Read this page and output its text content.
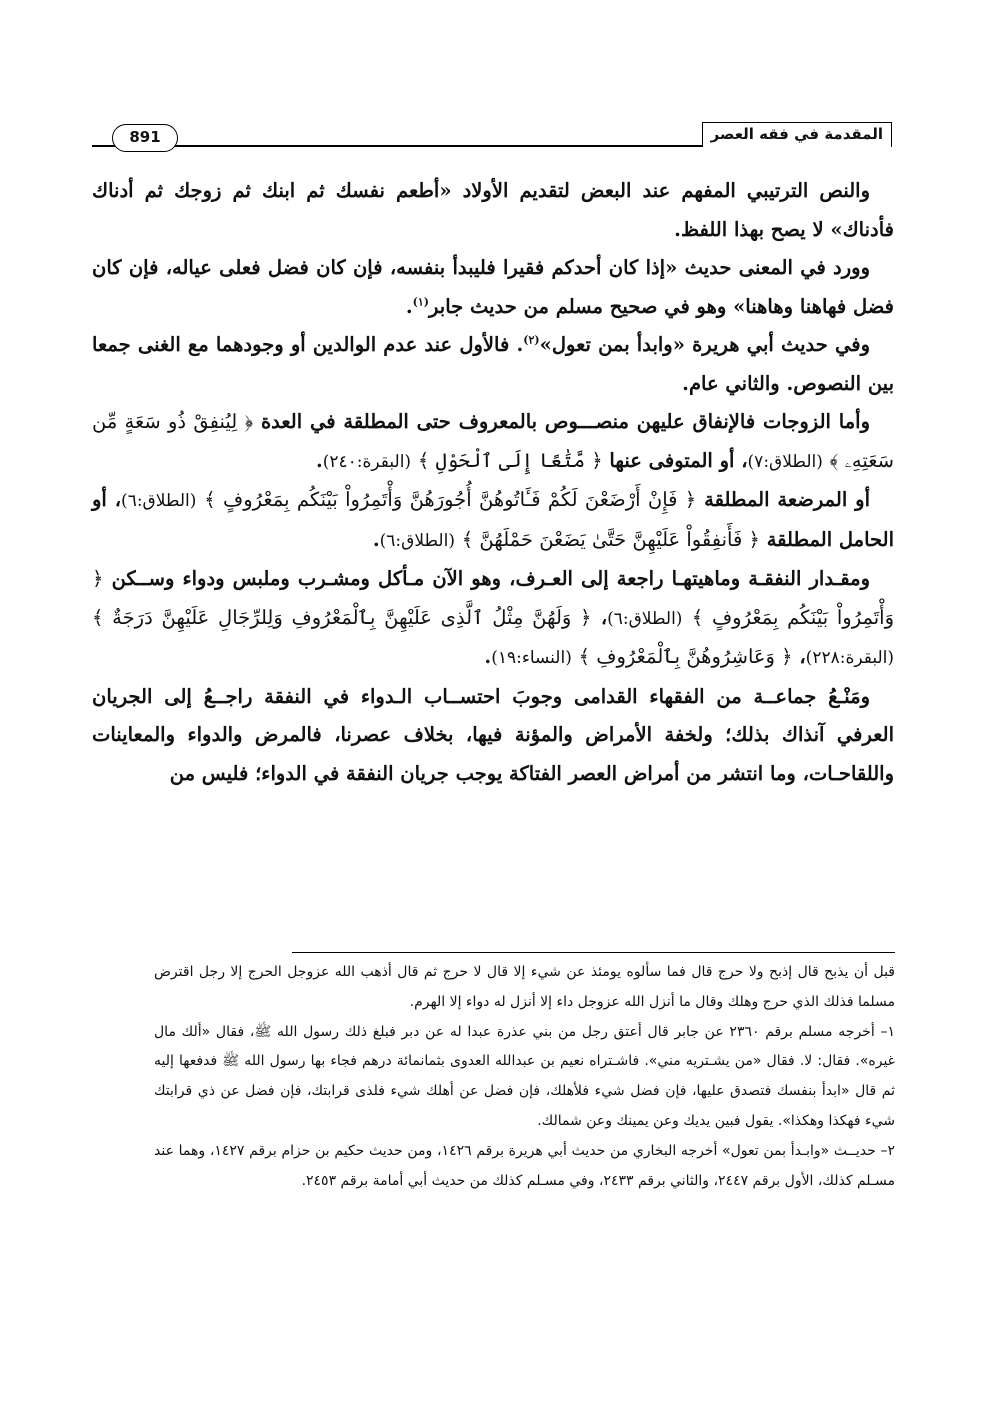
المقدمة في فقه العصر
891

والنص الترتيبي المفهم عند البعض لتقديم الأولاد «أطعم نفسك ثم ابنك ثم زوجك ثم أدناك فأدناك» لا يصح بهذا اللفظ.

وورد في المعنى حديث «إذا كان أحدكم فقيرا فليبدأ بنفسه، فإن كان فضل فعلى عياله، فإن كان فضل فهاهنا وهاهنا» وهو في صحيح مسلم من حديث جابر$^{(١)}$.

وفي حديث أبي هريرة «وابدأ بمن تعول»$^{(٢)}$. فالأول عند عدم الوالدين أو وجودهما مع الغنى جمعا بين النصوص. والثاني عام.

وأما الزوجات فالإنفاق عليهن منصـــوص بالمعروف حتى المطلقة في العدة ﴿ لِيُنفِقْ ذُو سَعَةٍ مِّن سَعَتِهِۦ ﴾ (الطلاق:٧)، أو المتوفى عنها ﴿ مَّتَٰعًا إِلَى ٱلْحَوْلِ ﴾ (البقرة:٢٤٠).

أو المرضعة المطلقة ﴿ فَإِنْ أَرْضَعْنَ لَكُمْ فَـَٔاتُوهُنَّ أُجُورَهُنَّ وَأْتَمِرُواْ بَيْنَكُم بِمَعْرُوفٍ ﴾ (الطلاق:٦)، أو الحامل المطلقة ﴿ فَأَنفِقُواْ عَلَيْهِنَّ حَتَّىٰ يَضَعْنَ حَمْلَهُنَّ ﴾ (الطلاق:٦).

ومقـدار النفقـة وماهيتهـا راجعة إلى العـرف، وهو الآن مـأكل ومشـرب وملبس ودواء وســكن ﴿ وَأْتَمِرُواْ بَيْنَكُم بِمَعْرُوفٍ ﴾ (الطلاق:٦)، ﴿ وَلَهُنَّ مِثْلُ ٱلَّذِى عَلَيْهِنَّ بِٱلْمَعْرُوفِ وَلِلرِّجَالِ عَلَيْهِنَّ دَرَجَةٌ ﴾ (البقرة:٢٢٨)، ﴿ وَعَاشِرُوهُنَّ بِٱلْمَعْرُوفِ ﴾ (النساء:١٩).

ومَنْـعُ جماعــة من الفقهاء القدامى وجوبَ احتســاب الـدواء في النفقة راجــعُ إلى الجريان العرفي آنذاك بذلك؛ ولخفة الأمراض والمؤنة فيها، بخلاف عصرنا، فالمرض والدواء والمعاينات واللقاحـات، وما انتشر من أمراض العصر الفتاكة يوجب جريان النفقة في الدواء؛ فليس من

قبل أن يذبح قال إذبح ولا حرج قال فما سألوه يومئذ عن شيء إلا قال لا حرج ثم قال أذهب الله عزوجل الحرج إلا رجل اقترض مسلما فذلك الذي حرج وهلك وقال ما أنزل الله عزوجل داء إلا أنزل له دواء إلا الهرم.

١– أخرجه مسلم برقم ٢٣٦٠ عن جابر قال أعتق رجل من بني عذرة عبدا له عن دبر فبلغ ذلك رسول الله ﷺ، فقال «ألك مال غيره». فقال: لا. فقال «من يشـتريه مني». فاشـتراه نعيم بن عبدالله العدوى بثمانمائة درهم فجاء بها رسول الله ﷺ فدفعها إليه ثم قال «ابدأ بنفسك فتصدق عليها، فإن فضل شيء فلأهلك، فإن فضل عن أهلك شيء فلذى قرابتك، فإن فضل عن ذي قرابتك شيء فهكذا وهكذا». يقول فبين يديك وعن يمينك وعن شمالك.

٢– حديــث «وابـدأ بمن تعول» أخرجه البخاري من حديث أبي هريرة برقم ١٤٢٦، ومن حديث حكيم بن حزام برقم ١٤٢٧، وهما عند مسـلم كذلك، الأول برقم ٢٤٤٧، والثاني برقم ٢٤٣٣، وفي مسـلم كذلك من حديث أبي أمامة برقم ٢٤٥٣.
